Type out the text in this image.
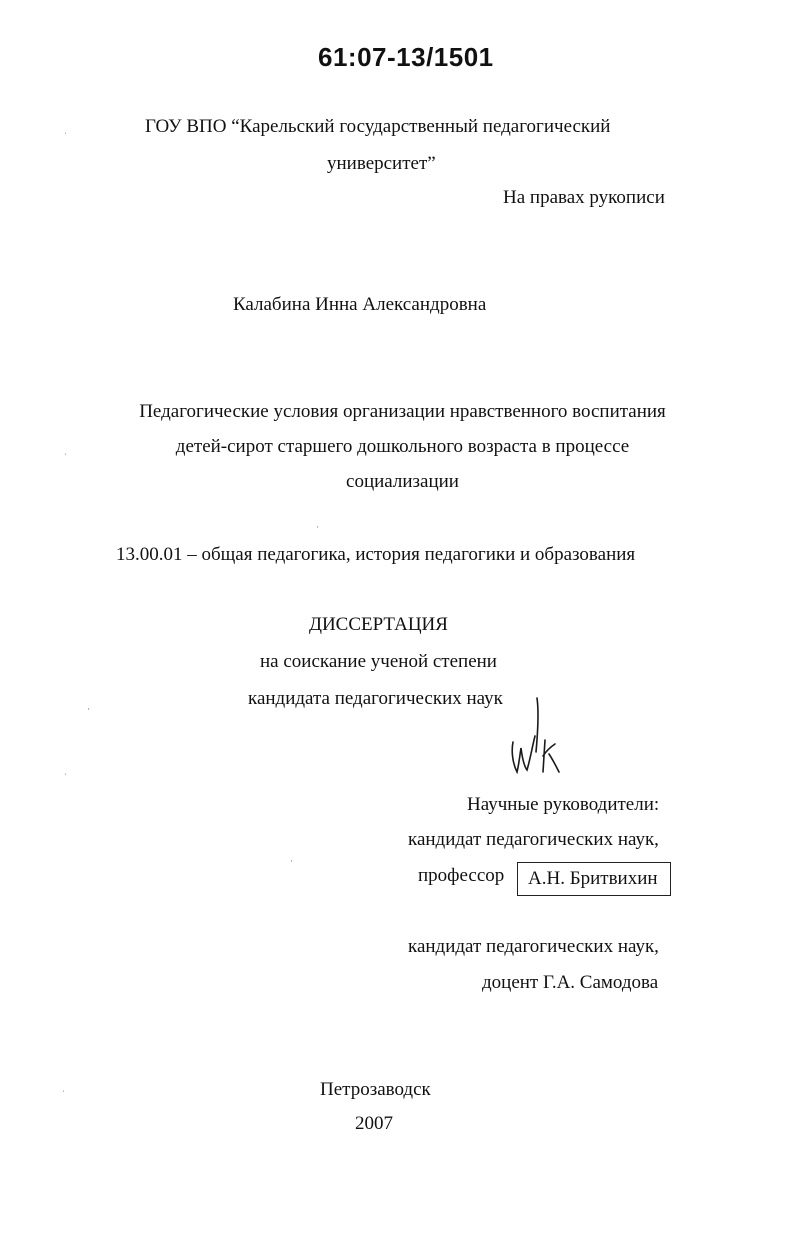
61:07-13/1501
ГОУ ВПО “Карельский государственный педагогический
университет”
На правах рукописи
Калабина Инна Александровна
Педагогические условия организации нравственного воспитания
детей-сирот старшего дошкольного возраста в процессе
социализации
13.00.01 – общая педагогика, история педагогики и образования
ДИССЕРТАЦИЯ
на соискание ученой степени
кандидата педагогических наук
Научные руководители:
кандидат педагогических наук,
профессор А.Н. Бритвихин
кандидат педагогических наук,
доцент Г.А. Самодова
Петрозаводск
2007
ˌ
ˌ
ˌ
ˌ
·
·
·
